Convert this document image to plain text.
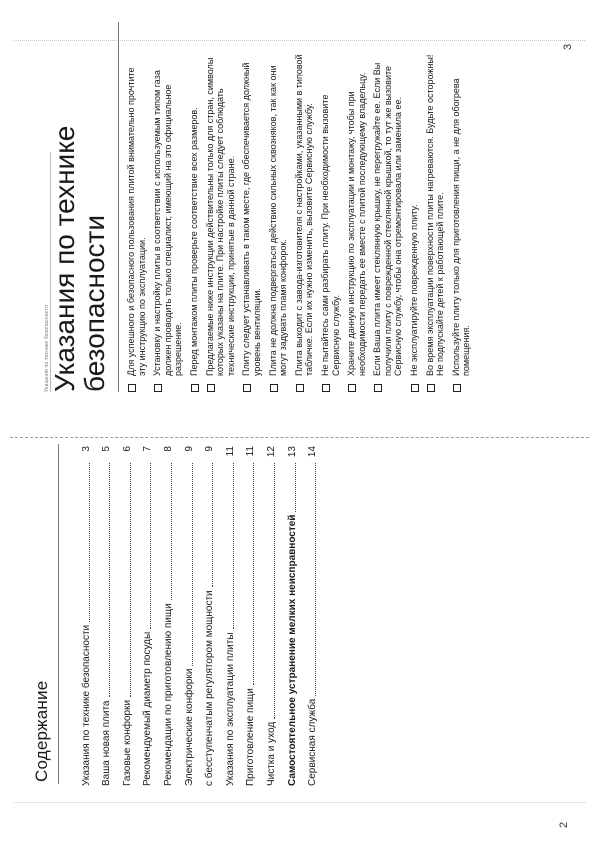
Содержание	Указания по технике безопасности
3
Ваша новая плита
5
Газовые конфорки
6
Рекомендуемый диаметр посуды
7
Рекомендации по приготовлению пищи
8
Электрические конфорки
9
с бесступенчатым регулятором мощности
9
Указания по эксплуатации плиты
11
Приготовление пищи
11
Чистка и уход
12
Самостоятельное устранение мелких неисправностей
13
Сервисная служба
14
2
Указания по технике безопасности Указания по технике безопасности Для успешного и безопасного пользования плитой внимательно прочтите эту инструкцию по эксплуатации. Установку и настройку плиты в соответствии с используемым типом газа должен проводить только специалист, имеющий на это официальное разрешение. Перед монтажом плиты проверьте соответствие всех размеров. Предлагаемые ниже инструкции действительны только для стран, символы которых указаны на плите. При настройке плиты следует соблюдать технические инструкции, принятые в данной стране. Плиту следует устанавливать в таком месте, где обеспечивается должный уровень вентиляции. Плита не должна подвергаться действию сильных сквозняков, так как они могут задувать пламя конфорок. Плита выходит с завода-изготовителя с настройками, указанными в типовой табличке. Если их нужно изменить, вызовите Сервисную службу. Не пытайтесь сами разбирать плиту. При необходимости вызовите Сервисную службу. Храните данную инструкцию по эксплуатации и монтажу, чтобы при необходимости передать ее вместе с плитой последующему владельцу. Если Ваша плита имеет стеклянную крышку, не перегружайте ее. Если Вы получили плиту с поврежденной стеклянной крышкой, то тут же вызовите Сервисную службу, чтобы она отремонтировала или заменила ее. Не эксплуатируйте поврежденную плиту. Во время эксплуатации поверхности плиты нагреваются. Будьте осторожны! Не подпускайте детей к работающей плите. Используйте плиту только для приготовления пищи, а не для обогрева помещения.
3
